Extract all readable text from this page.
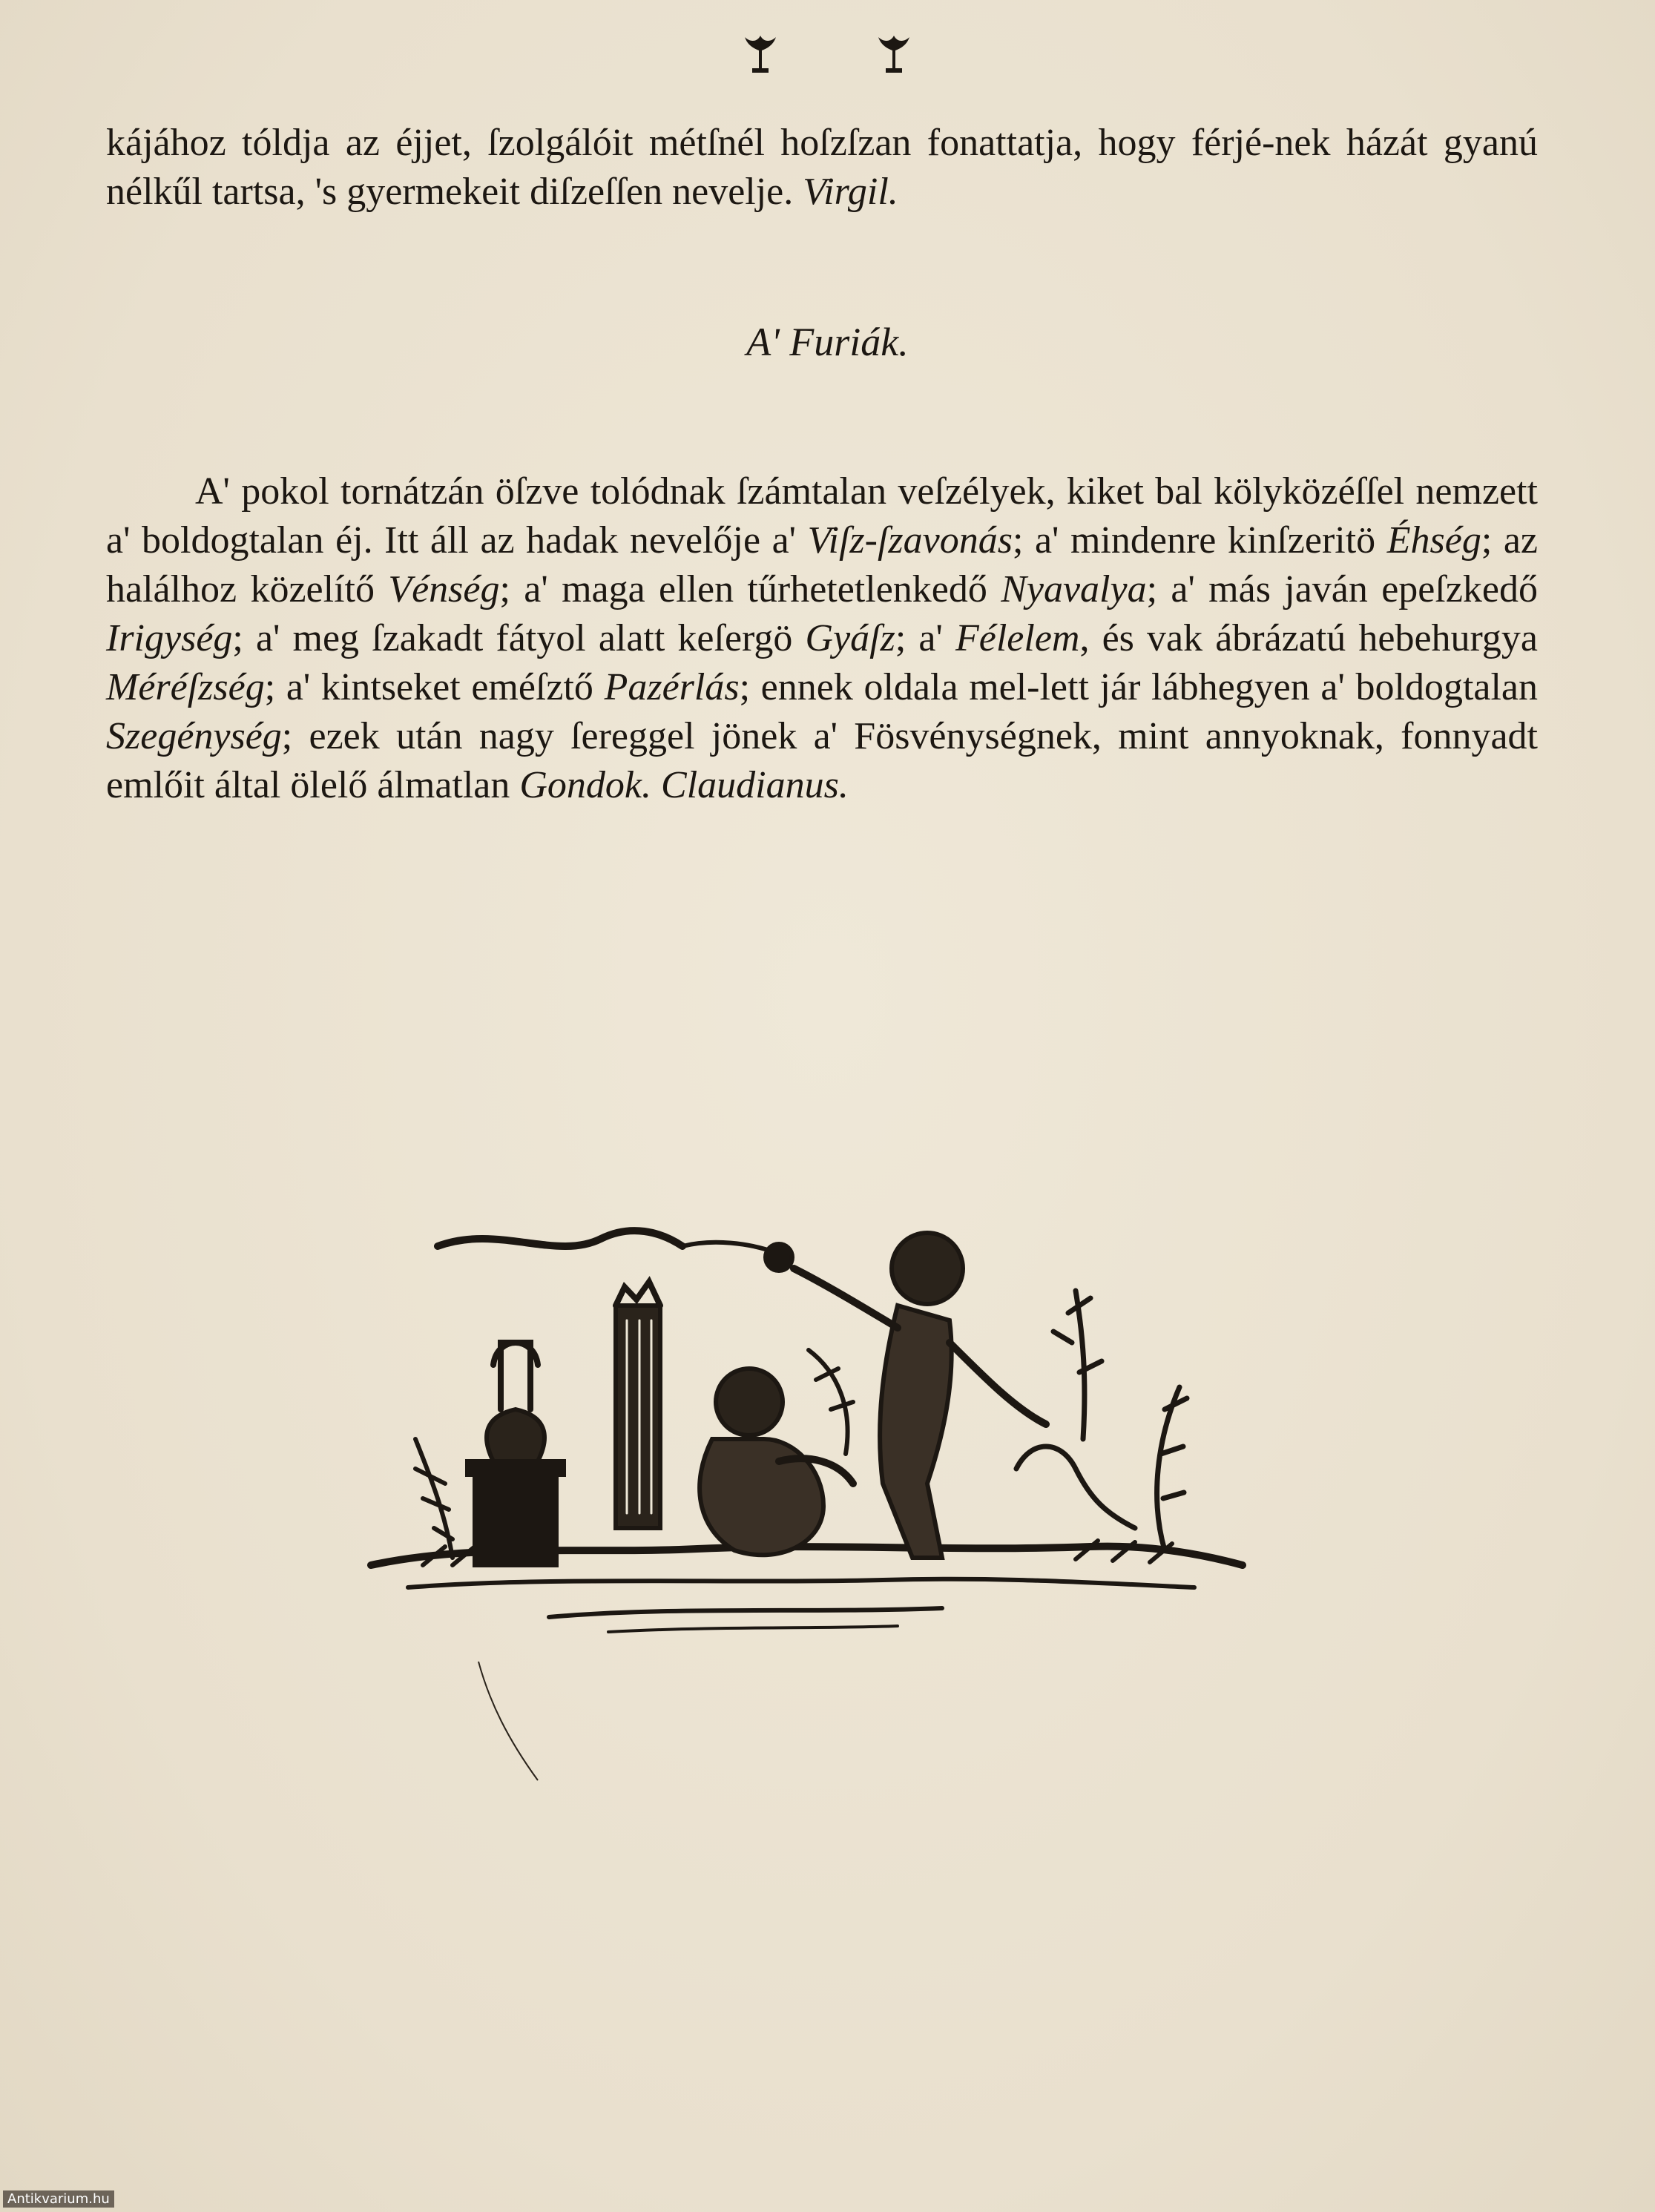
kájához tóldja az éjjet, ſzolgálóit métſnél hoſzſzan fonattatja, hogy férjé-nek házát gyanú nélkűl tartsa, 's gyermekeit diſzeſſen nevelje. Virgil.
A' Furiák.
A' pokol tornátzán öſzve tolódnak ſzámtalan veſzélyek, kiket bal kölyközéſſel nemzett a' boldogtalan éj. Itt áll az hadak nevelője a' Viſz-ſzavonás; a' mindenre kinſzeritö Éhség; az halálhoz közelítő Vénség; a' maga ellen tűrhetetlenkedő Nyavalya; a' más javán epeſzkedő Irigység; a' meg ſzakadt fátyol alatt keſergö Gyáſz; a' Félelem, és vak ábrázatú hebehurgya Méréſzség; a' kintseket eméſztő Pazérlás; ennek oldala mel-lett jár lábhegyen a' boldogtalan Szegénység; ezek után nagy ſereggel jönek a' Fösvénységnek, mint annyoknak, fonnyadt emlőit által ölelő álmatlan Gondok. Claudianus.
Antikvarium.hu
